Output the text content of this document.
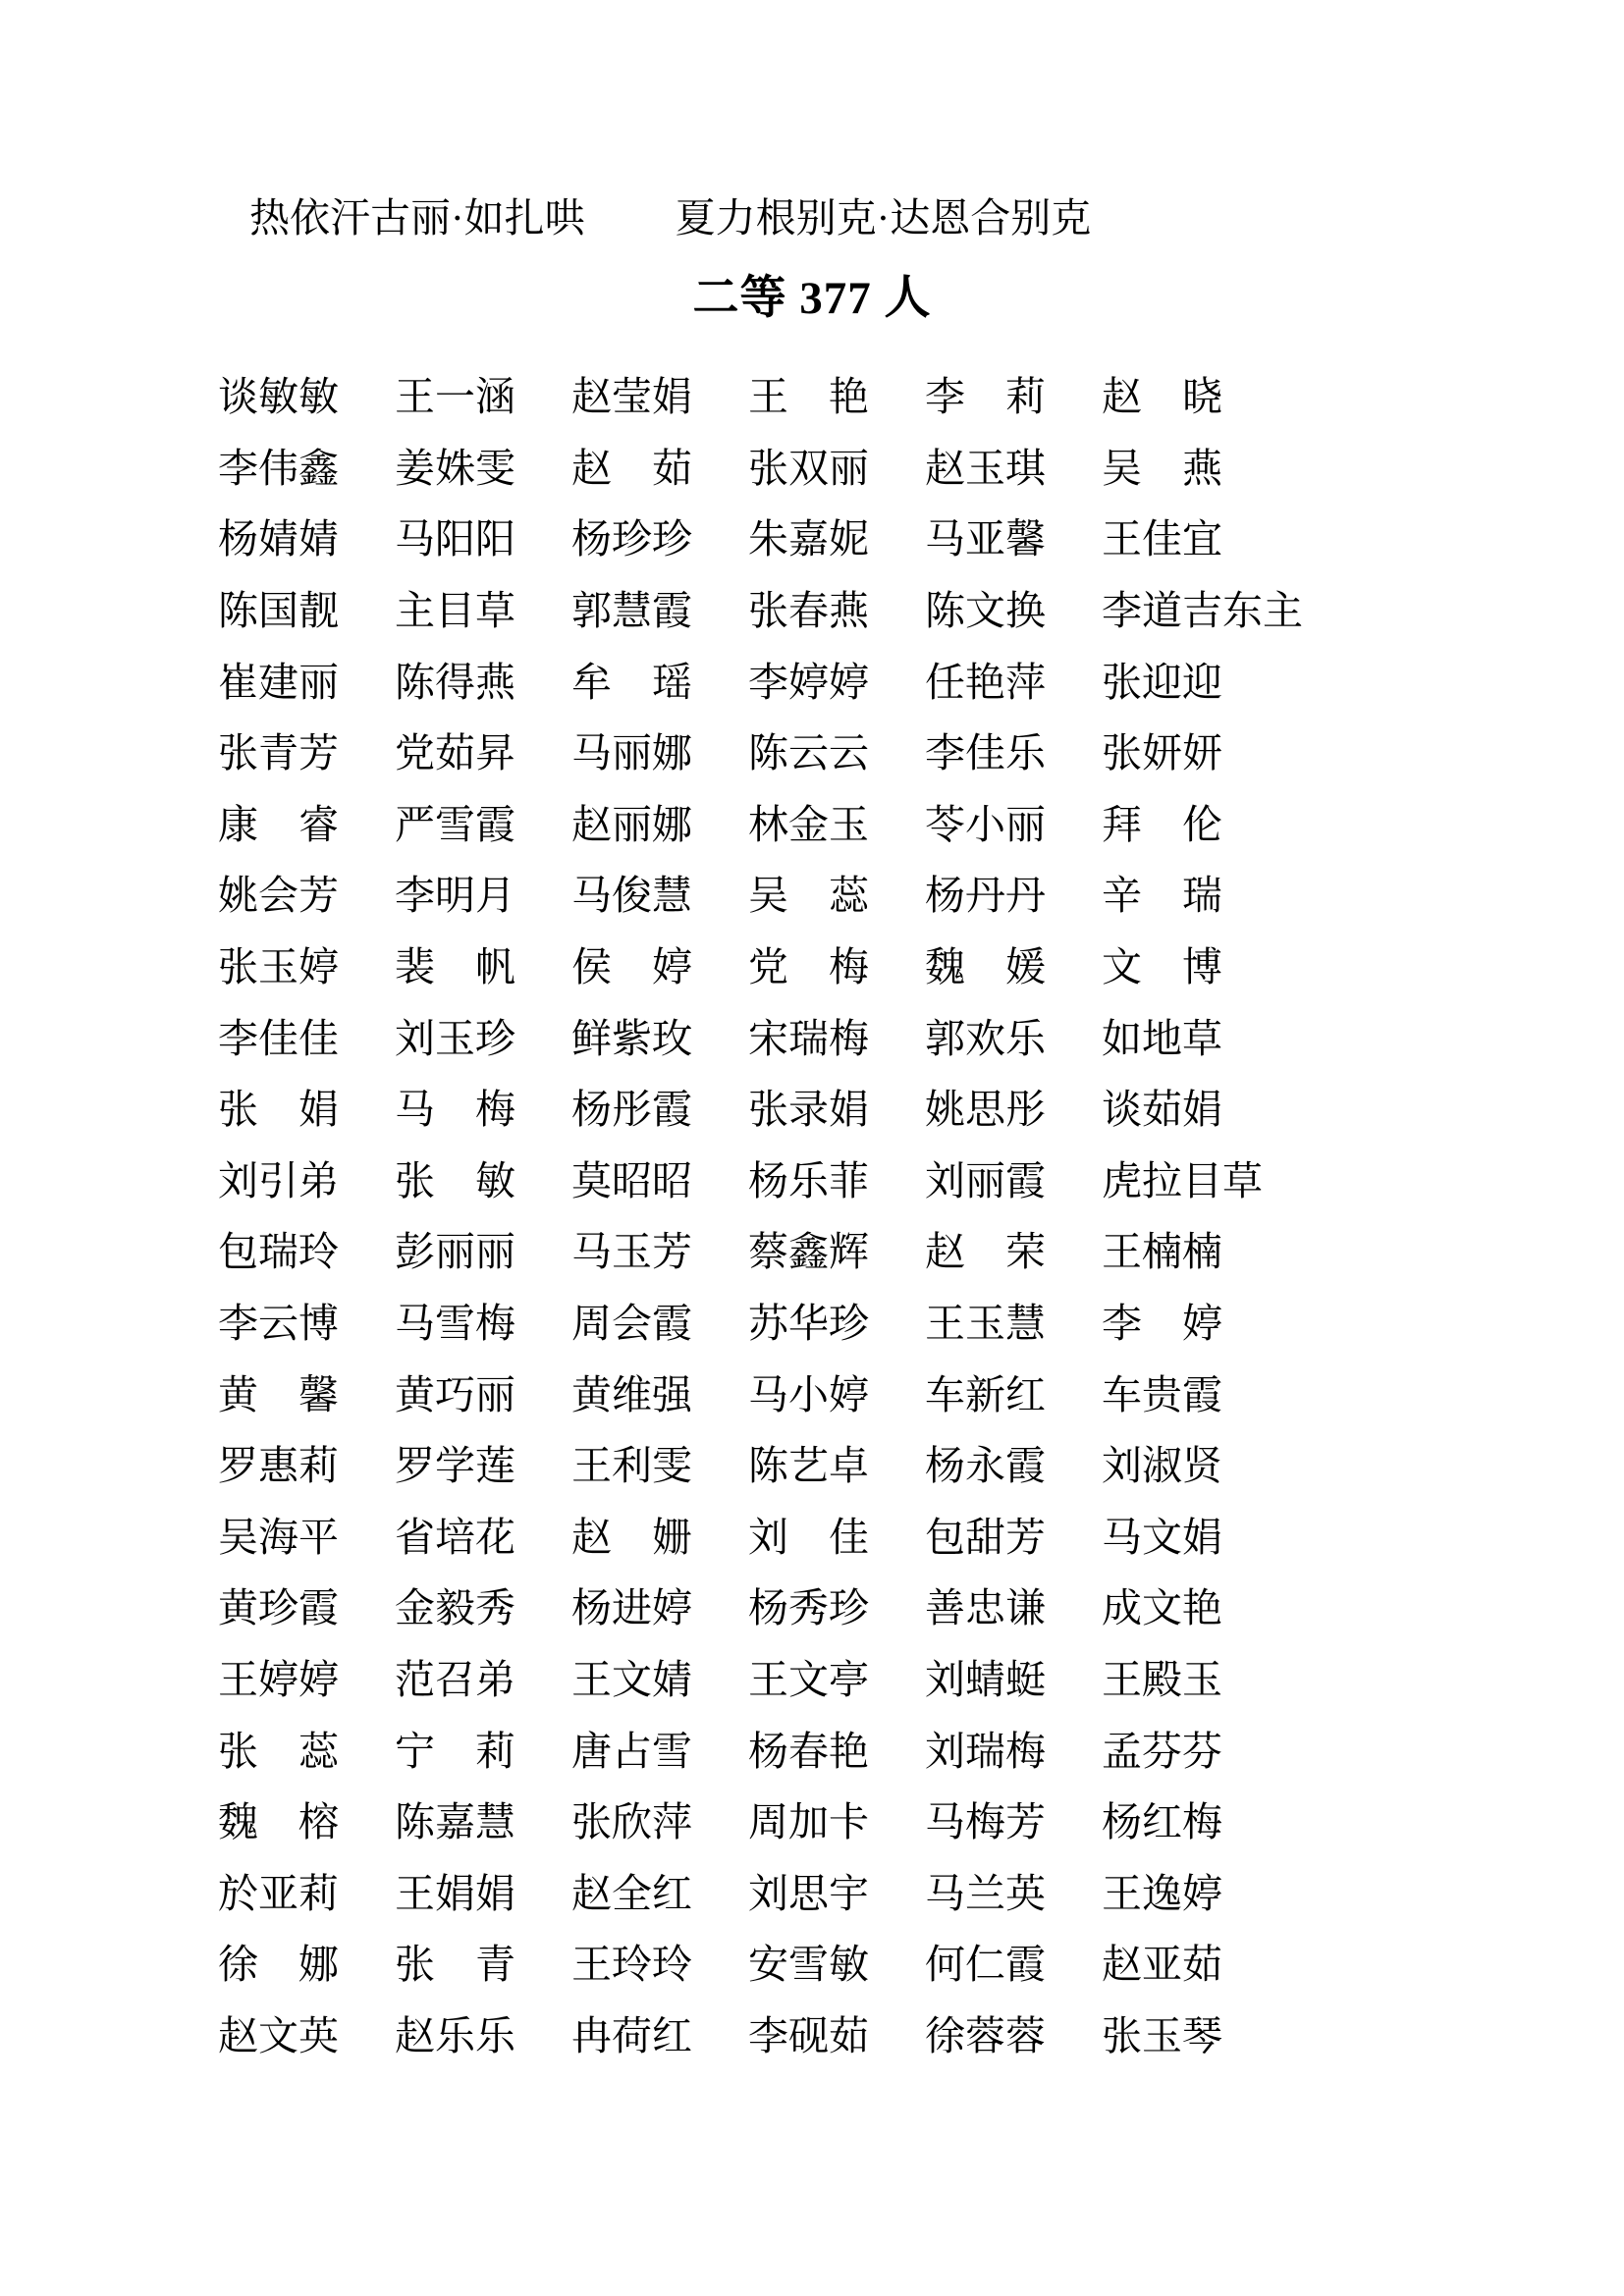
热依汗古丽·如扎哄 夏力根别克·达恩合别克
二等 377 人
谈敏敏 王一涵 赵莹娟 王　艳 李　莉 赵　晓
李伟鑫 姜姝雯 赵　茹 张双丽 赵玉琪 吴　燕
杨婧婧 马阳阳 杨珍珍 朱嘉妮 马亚馨 王佳宜
陈国靓 主目草 郭慧霞 张春燕 陈文换 李道吉东主
崔建丽 陈得燕 牟　瑶 李婷婷 任艳萍 张迎迎
张青芳 党茹昇 马丽娜 陈云云 李佳乐 张妍妍
康　睿 严雪霞 赵丽娜 林金玉 苓小丽 拜　伦
姚会芳 李明月 马俊慧 吴　蕊 杨丹丹 辛　瑞
张玉婷 裴　帆 侯　婷 党　梅 魏　媛 文　博
李佳佳 刘玉珍 鲜紫玫 宋瑞梅 郭欢乐 如地草
张　娟 马　梅 杨彤霞 张录娟 姚思彤 谈茹娟
刘引弟 张　敏 莫昭昭 杨乐菲 刘丽霞 虎拉目草
包瑞玲 彭丽丽 马玉芳 蔡鑫辉 赵　荣 王楠楠
李云博 马雪梅 周会霞 苏华珍 王玉慧 李　婷
黄　馨 黄巧丽 黄维强 马小婷 车新红 车贵霞
罗惠莉 罗学莲 王利雯 陈艺卓 杨永霞 刘淑贤
吴海平 省培花 赵　姗 刘　佳 包甜芳 马文娟
黄珍霞 金毅秀 杨进婷 杨秀珍 善忠谦 成文艳
王婷婷 范召弟 王文婧 王文亭 刘蜻蜓 王殿玉
张　蕊 宁　莉 唐占雪 杨春艳 刘瑞梅 孟芬芬
魏　榕 陈嘉慧 张欣萍 周加卡 马梅芳 杨红梅
於亚莉 王娟娟 赵全红 刘思宇 马兰英 王逸婷
徐　娜 张　青 王玲玲 安雪敏 何仁霞 赵亚茹
赵文英 赵乐乐 冉荷红 李砚茹 徐蓉蓉 张玉琴
